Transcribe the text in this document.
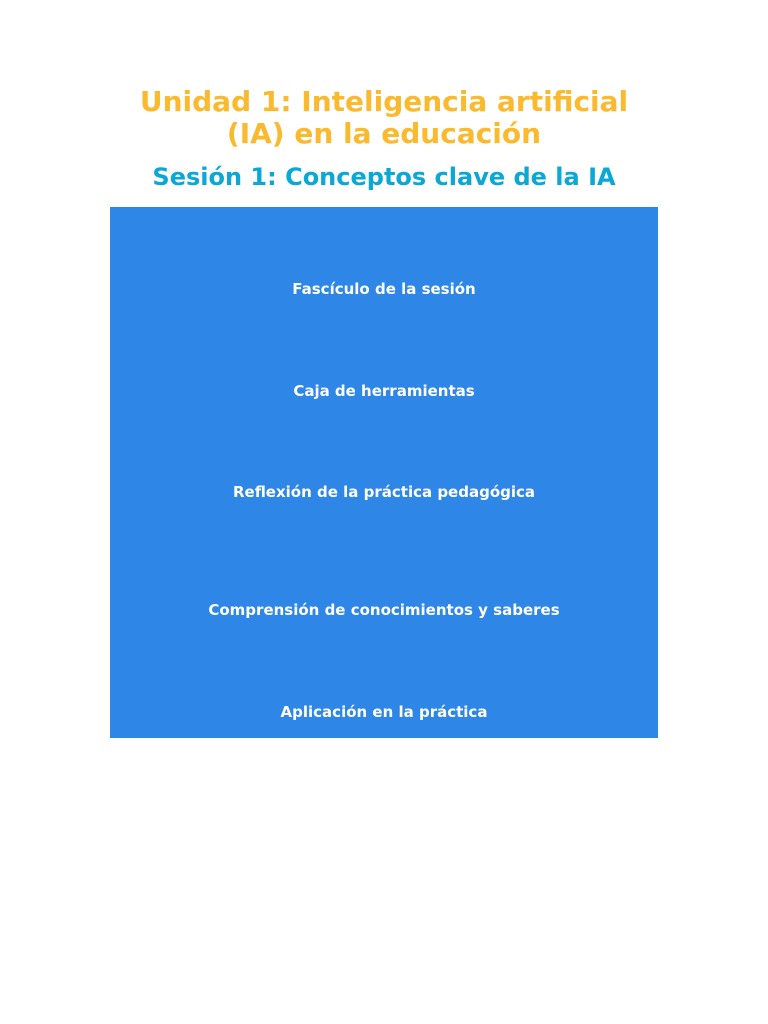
Unidad 1: Inteligencia artificial
(IA) en la educación
Sesión 1: Conceptos clave de la IA
Fascículo de la sesión
Caja de herramientas
Reflexión de la práctica pedagógica
Comprensión de conocimientos y saberes
Aplicación en la práctica
